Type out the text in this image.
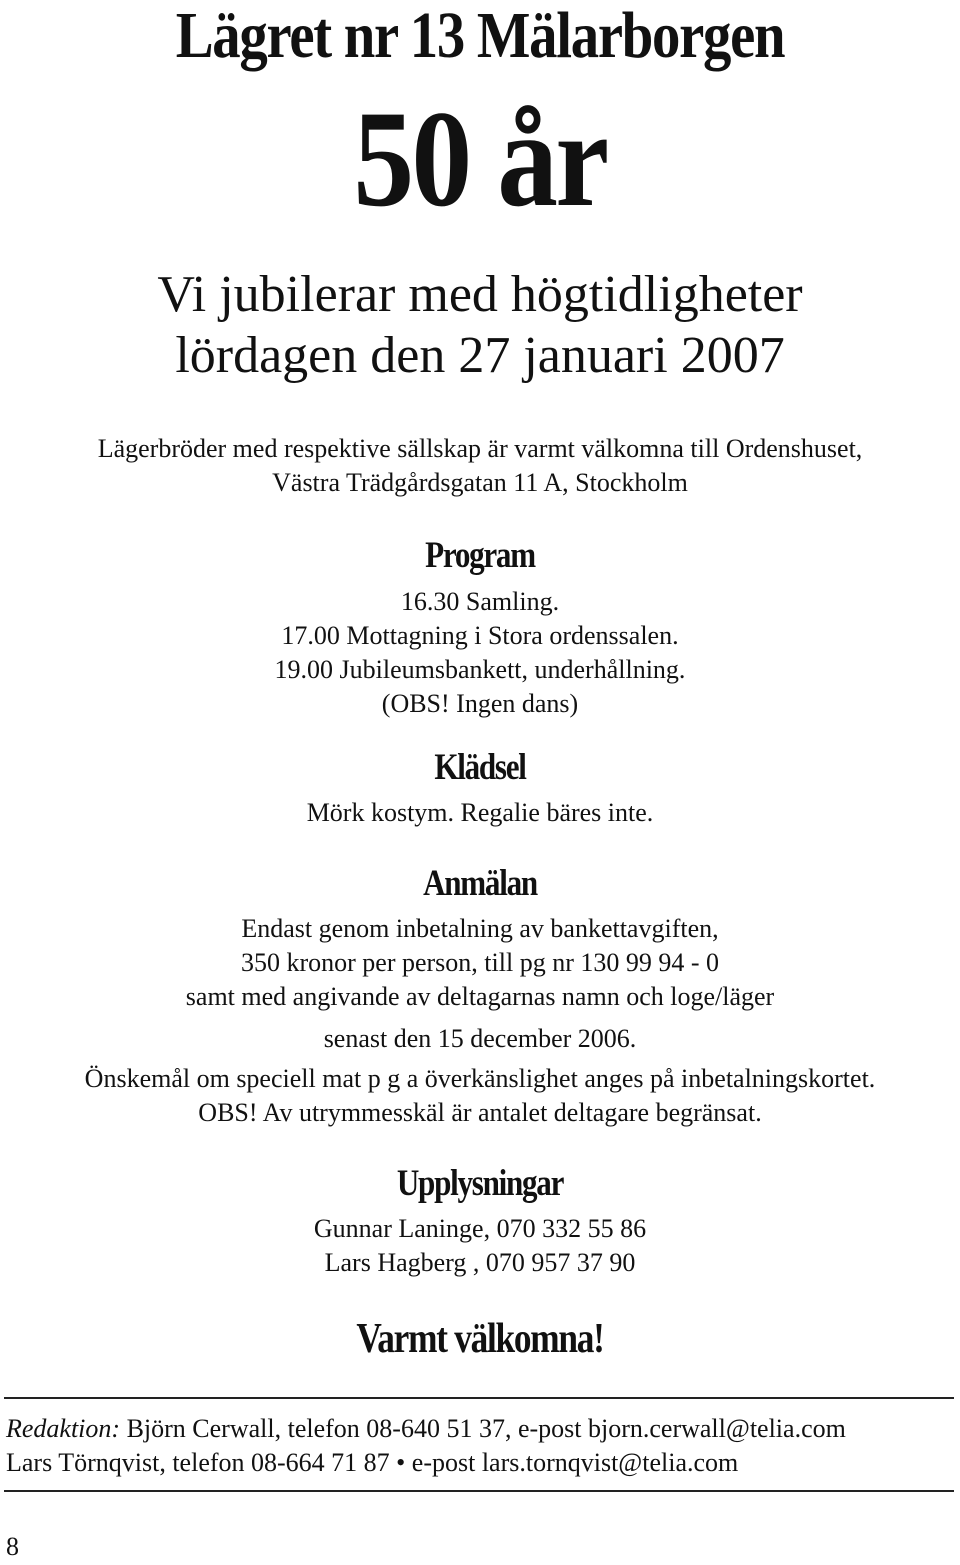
Lägret nr 13 Mälarborgen
50 år
Vi jubilerar med högtidligheter
lördagen den 27 januari 2007
Lägerbröder med respektive sällskap är varmt välkomna till Ordenshuset,
Västra Trädgårdsgatan 11 A, Stockholm
Program
16.30 Samling.
17.00 Mottagning i Stora ordenssalen.
19.00 Jubileumsbankett, underhållning.
(OBS! Ingen dans)
Klädsel
Mörk kostym. Regalie bäres inte.
Anmälan
Endast genom inbetalning av bankettavgiften,
350 kronor per person, till pg nr 130 99 94 - 0
samt med angivande av deltagarnas namn och loge/läger
senast den 15 december 2006.
Önskemål om speciell mat p g a överkänslighet anges på inbetalningskortet.
OBS! Av utrymmesskäl är antalet deltagare begränsat.
Upplysningar
Gunnar Laninge, 070 332 55 86
Lars Hagberg , 070 957 37 90
Varmt välkomna!
Redaktion: Björn Cerwall, telefon 08-640 51 37, e-post bjorn.cerwall@telia.com
Lars Törnqvist, telefon 08-664 71 87 • e-post lars.tornqvist@telia.com
8
